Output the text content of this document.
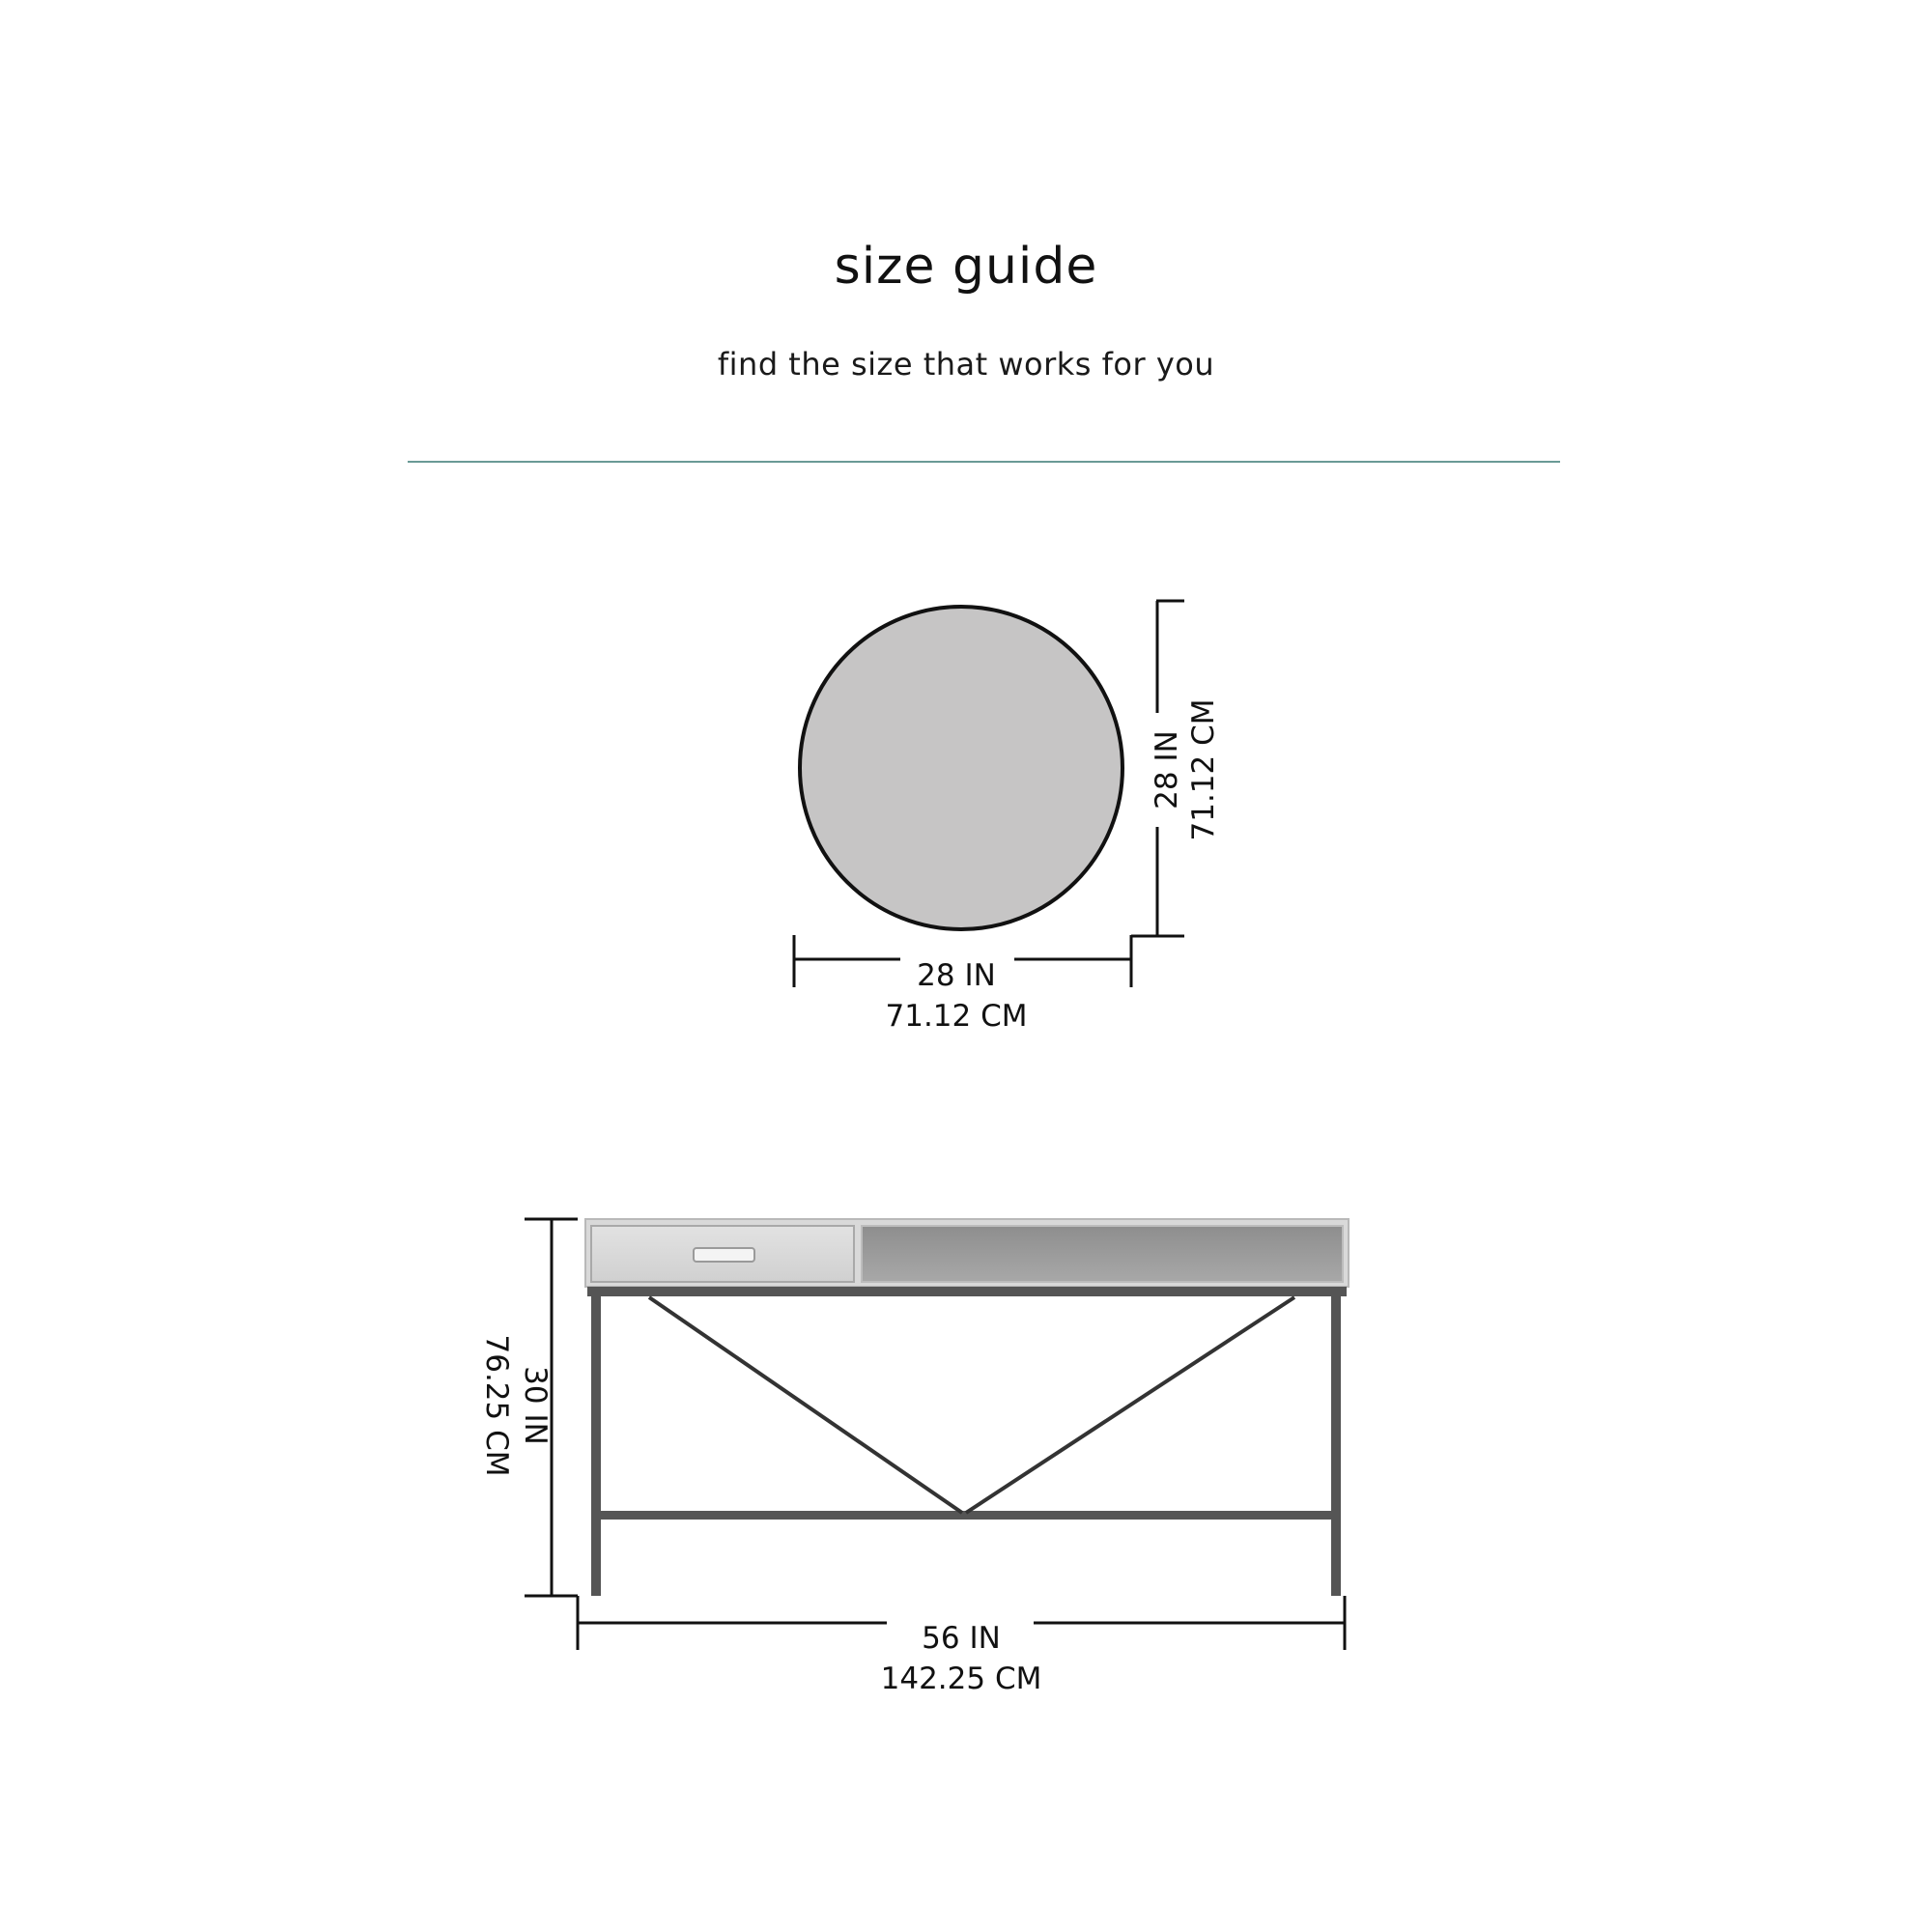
size guide
find the size that works for you
28 IN 71.12 CM
28 IN
71.12 CM
30 IN
76.25 CM
56 IN
142.25 CM
